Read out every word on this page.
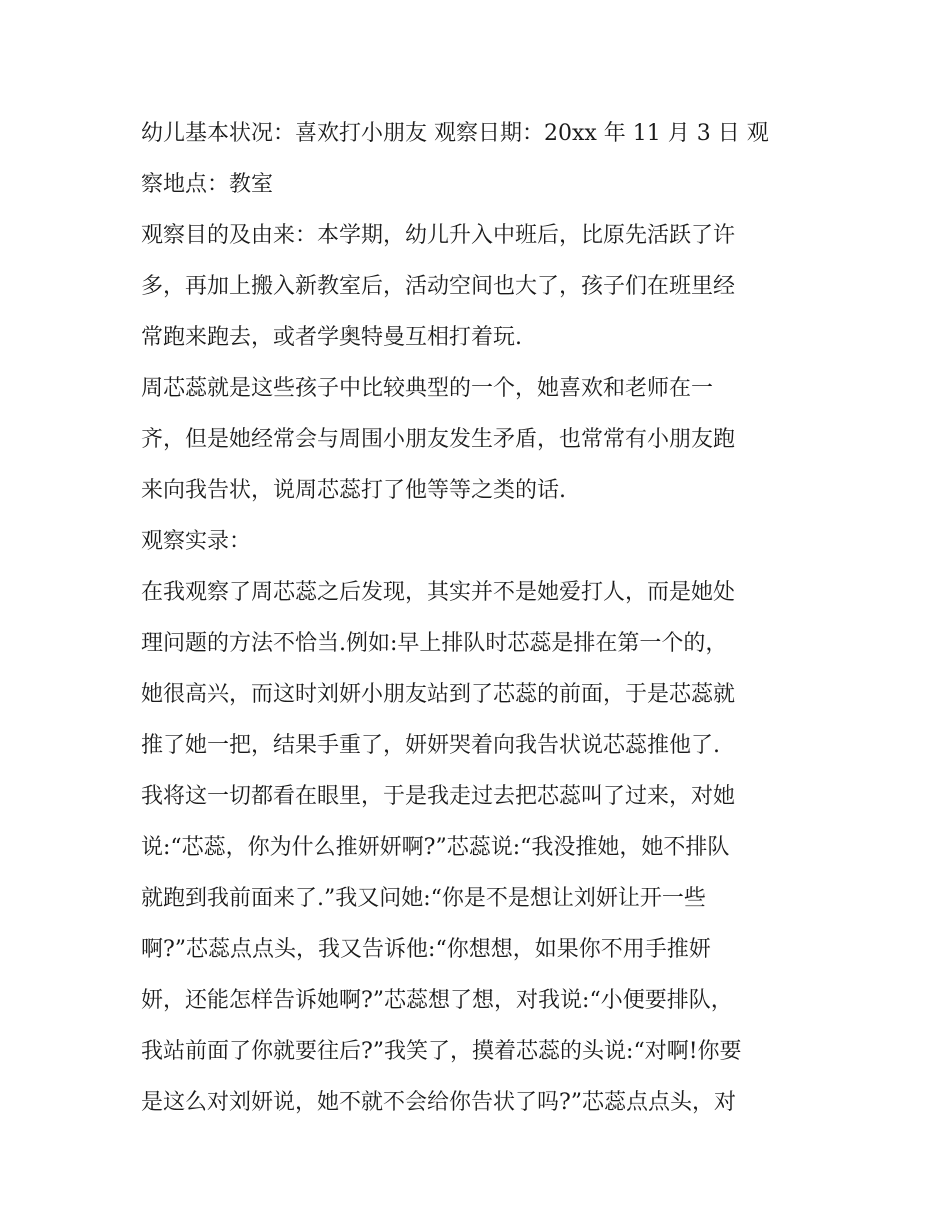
幼儿基本状况：喜欢打小朋友 观察日期：20xx 年 11 月 3 日 观
察地点：教室
观察目的及由来：本学期，幼儿升入中班后，比原先活跃了许
多，再加上搬入新教室后，活动空间也大了，孩子们在班里经
常跑来跑去，或者学奥特曼互相打着玩.
周芯蕊就是这些孩子中比较典型的一个，她喜欢和老师在一
齐，但是她经常会与周围小朋友发生矛盾，也常常有小朋友跑
来向我告状，说周芯蕊打了他等等之类的话.
观察实录：
在我观察了周芯蕊之后发现，其实并不是她爱打人，而是她处
理问题的方法不恰当.例如:早上排队时芯蕊是排在第一个的，
她很高兴，而这时刘妍小朋友站到了芯蕊的前面，于是芯蕊就
推了她一把，结果手重了，妍妍哭着向我告状说芯蕊推他了.
我将这一切都看在眼里，于是我走过去把芯蕊叫了过来，对她
说:“芯蕊，你为什么推妍妍啊?”芯蕊说:“我没推她，她不排队
就跑到我前面来了.”我又问她:“你是不是想让刘妍让开一些
啊?”芯蕊点点头，我又告诉他:“你想想，如果你不用手推妍
妍，还能怎样告诉她啊?”芯蕊想了想，对我说:“小便要排队，
我站前面了你就要往后?”我笑了，摸着芯蕊的头说:“对啊!你要
是这么对刘妍说，她不就不会给你告状了吗?”芯蕊点点头，对
